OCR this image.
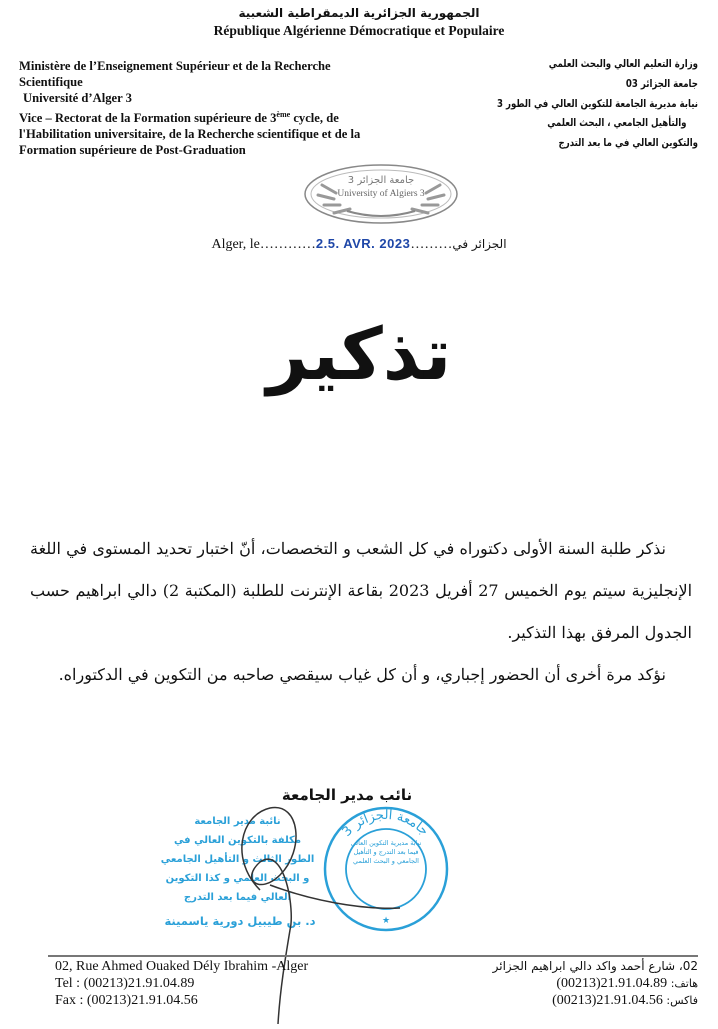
الجمهورية الجزائرية الديمقراطية الشعبية
République Algérienne Démocratique et Populaire
Ministère de l’Enseignement Supérieur et de la Recherche
Scientifique
Université d’Alger 3
Vice – Rectorat de la Formation supérieure de 3ème cycle, de
l'Habilitation universitaire, de la Recherche scientifique et de la
Formation supérieure de Post-Graduation
وزارة التعليم العالي والبحث العلمي
جامعة الجزائر 03
نيابة مديرية الجامعة للتكوين العالي في الطور 3
والتأهيل الجامعي ، البحث العلمي
والتكوين العالي في ما بعد التدرج
جامعة الجزائر 3
University of Algiers 3
Alger, le…………2.5. AVR. 2023………الجزائر في
تذكير

نذكر طلبة السنة الأولى دكتوراه في كل الشعب و التخصصات، أنّ اختبار تحديد المستوى في اللغة الإنجليزية سيتم يوم الخميس 27 أفريل 2023 بقاعة الإنترنت للطلبة (المكتبة 2) دالي ابراهيم حسب الجدول المرفق بهذا التذكير.

نؤكد مرة أخرى أن الحضور إجباري، و أن كل غياب سيقصي صاحبه من التكوين في الدكتوراه.

نائب مدير الجامعة
نائبة مدير الجامعة
مكلفة بالتكوين العالي في
الطور الثالث و التأهيل الجامعي
و البحث العلمي و كذا التكوين
العالي فيما بعد التدرج
د. بن طيبيل دورية ياسمينة
جامعة الجزائر 3
نيابة مديرية التكوين العالي فيما بعد التدرج و التأهيل الجامعي و البحث العلمي
★
02, Rue Ahmed Ouaked Dély Ibrahim -Alger
Tel : (00213)21.91.04.89
Fax : (00213)21.91.04.56
02، شارع أحمد واكد دالي ابراهيم الجزائر
هاتف: (00213)21.91.04.89
فاكس: (00213)21.91.04.56
